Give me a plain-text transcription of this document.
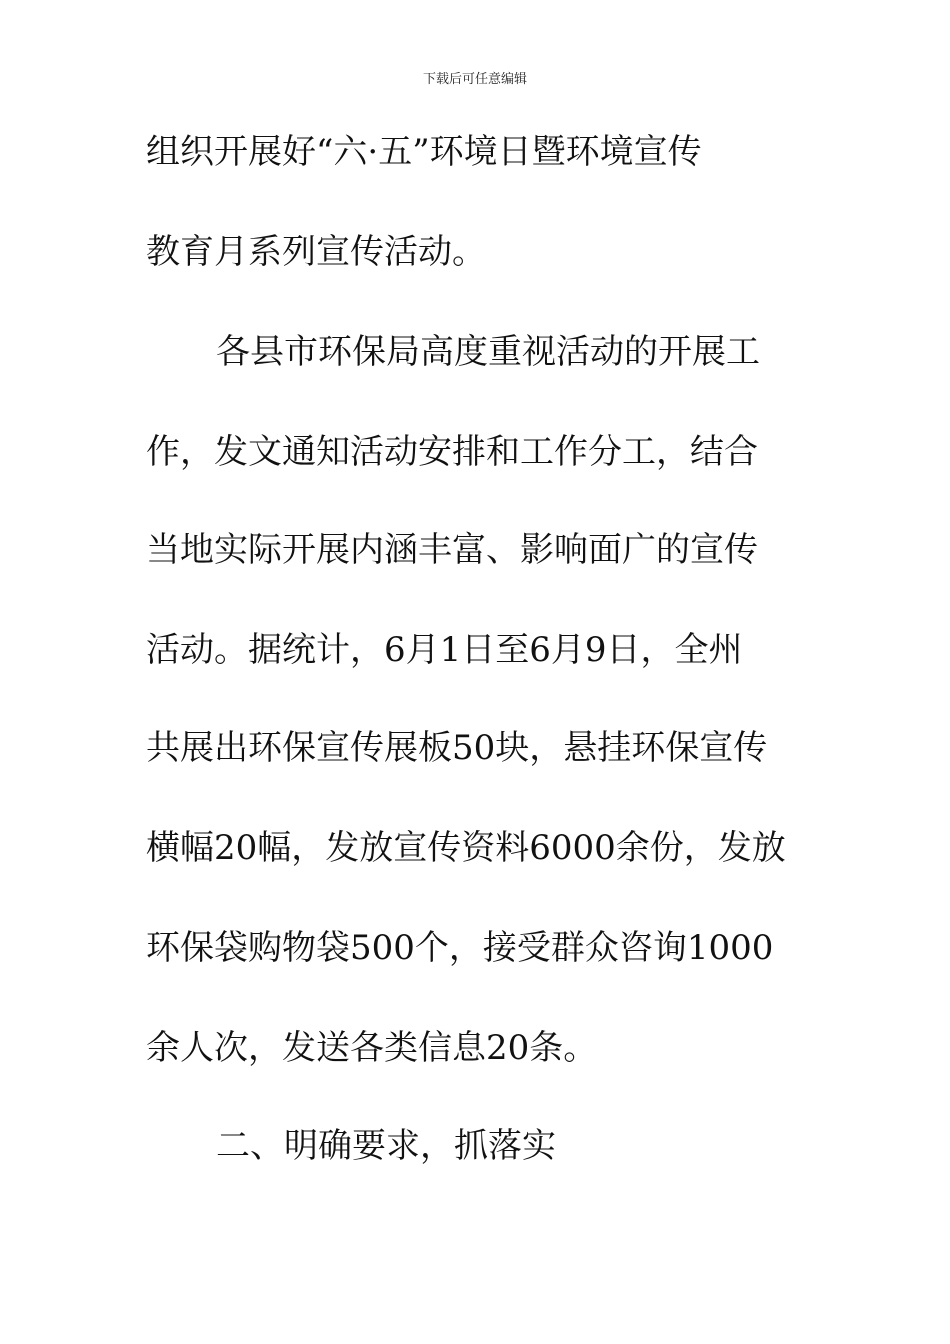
下载后可任意编辑
组织开展好“六·五”环境日暨环境宣传
教育月系列宣传活动。
各县市环保局高度重视活动的开展工
作，发文通知活动安排和工作分工，结合
当地实际开展内涵丰富、影响面广的宣传
活动。据统计，6月1日至6月9日，全州
共展出环保宣传展板50块，悬挂环保宣传
横幅20幅，发放宣传资料6000余份，发放
环保袋购物袋500个，接受群众咨询1000
余人次，发送各类信息20条。
二、明确要求，抓落实
